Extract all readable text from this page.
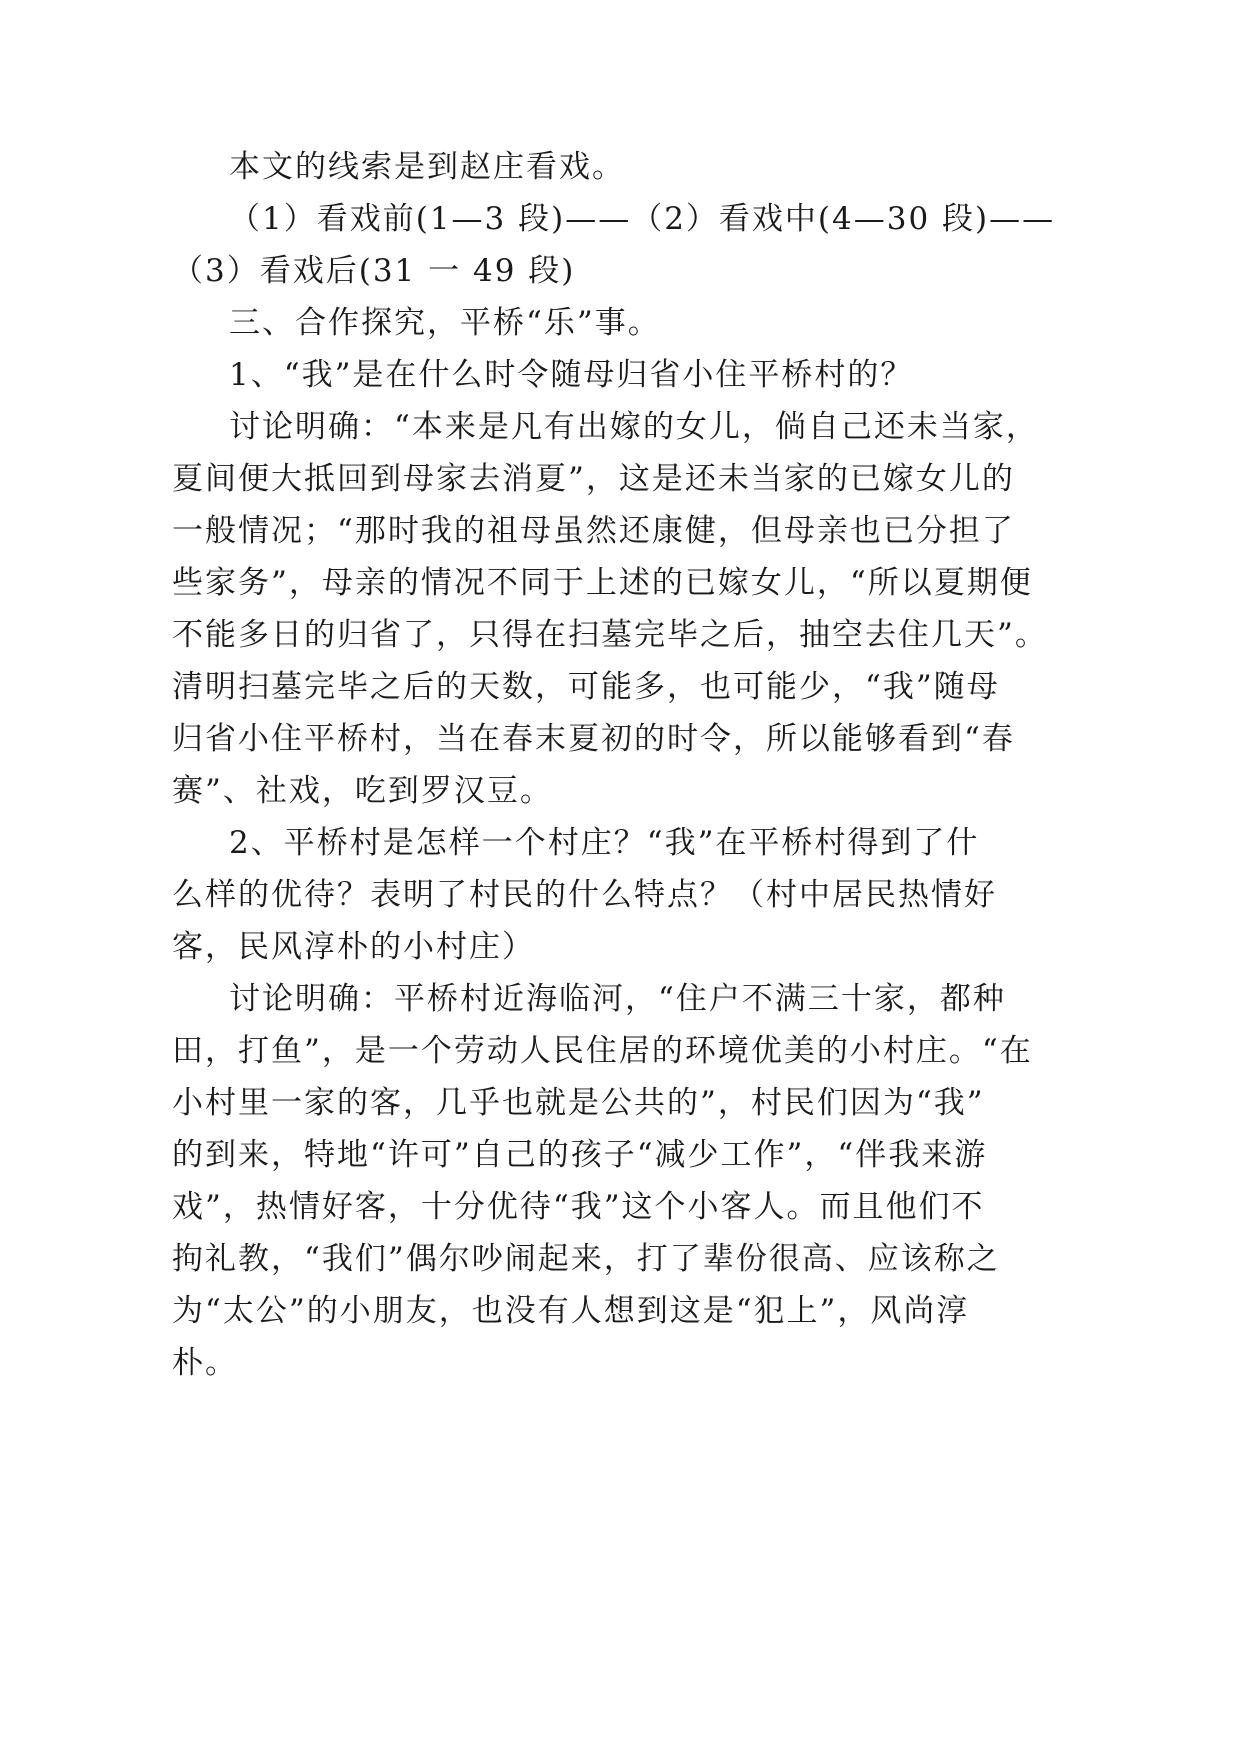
本文的线索是到赵庄看戏。
（1）看戏前(1—3 段)——（2）看戏中(4—30 段)——
（3）看戏后(31 一 49 段)
三、合作探究，平桥“乐”事。
1、“我”是在什么时令随母归省小住平桥村的？
讨论明确：“本来是凡有出嫁的女儿，倘自己还未当家，
夏间便大抵回到母家去消夏”，这是还未当家的已嫁女儿的
一般情况；“那时我的祖母虽然还康健，但母亲也已分担了
些家务”，母亲的情况不同于上述的已嫁女儿，“所以夏期便
不能多日的归省了，只得在扫墓完毕之后，抽空去住几天”。
清明扫墓完毕之后的天数，可能多，也可能少，“我”随母
归省小住平桥村，当在春末夏初的时令，所以能够看到“春
赛”、社戏，吃到罗汉豆。
2、平桥村是怎样一个村庄？“我”在平桥村得到了什
么样的优待？表明了村民的什么特点？（村中居民热情好
客，民风淳朴的小村庄）
讨论明确：平桥村近海临河，“住户不满三十家，都种
田，打鱼”，是一个劳动人民住居的环境优美的小村庄。“在
小村里一家的客，几乎也就是公共的”，村民们因为“我”
的到来，特地“许可”自己的孩子“减少工作”，“伴我来游
戏”，热情好客，十分优待“我”这个小客人。而且他们不
拘礼教，“我们”偶尔吵闹起来，打了辈份很高、应该称之
为“太公”的小朋友，也没有人想到这是“犯上”，风尚淳
朴。
